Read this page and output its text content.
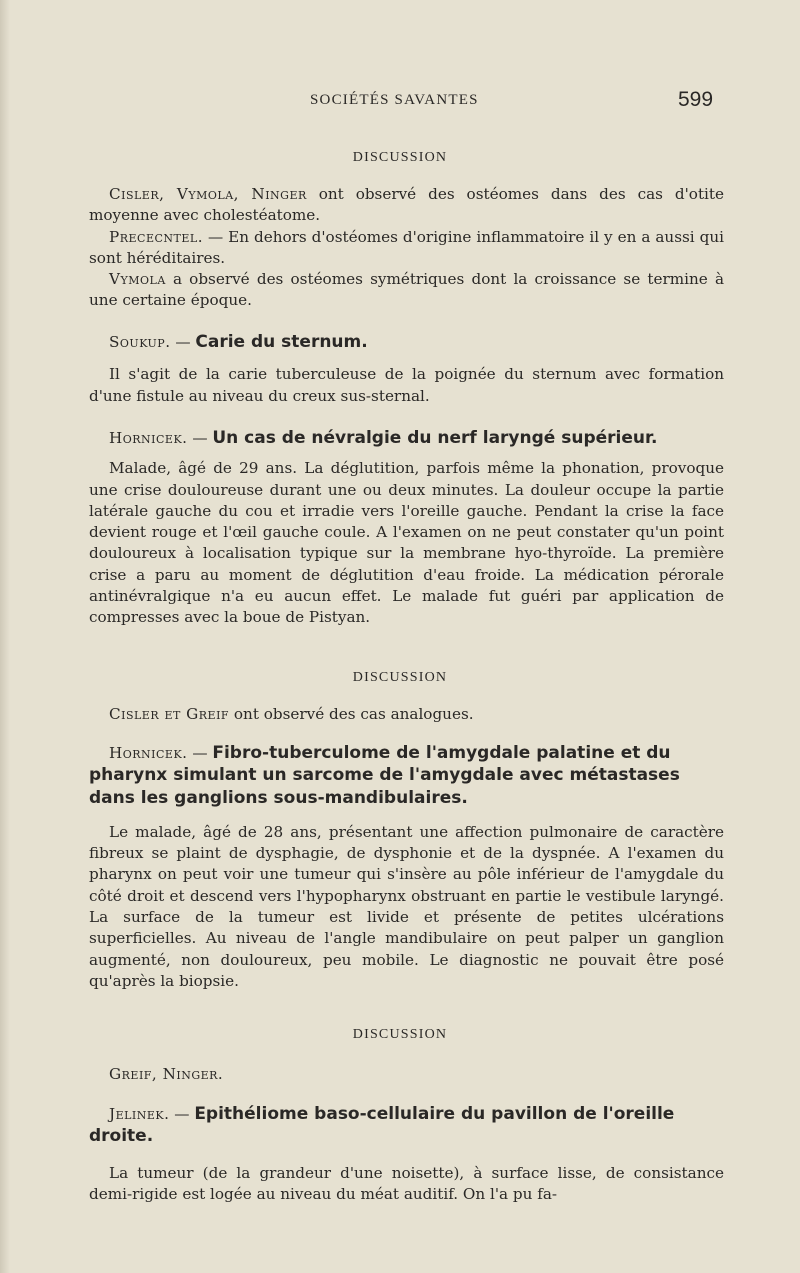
SOCIÉTÉS SAVANTES	599
DISCUSSION

Cisler, Vymola, Ninger ont observé des ostéomes dans des cas d'otite moyenne avec cholestéatome.

Prececntel. — En dehors d'ostéomes d'origine inflammatoire il y en a aussi qui sont héréditaires.

Vymola a observé des ostéomes symétriques dont la croissance se termine à une certaine époque.

Soukup. — Carie du sternum.

Il s'agit de la carie tuberculeuse de la poignée du sternum avec formation d'une fistule au niveau du creux sus-sternal.

Hornicek. — Un cas de névralgie du nerf laryngé supérieur.

Malade, âgé de 29 ans. La déglutition, parfois même la phonation, provoque une crise douloureuse durant une ou deux minutes. La douleur occupe la partie latérale gauche du cou et irradie vers l'oreille gauche. Pendant la crise la face devient rouge et l'œil gauche coule. A l'examen on ne peut constater qu'un point douloureux à localisation typique sur la membrane hyo-thyroïde. La première crise a paru au moment de déglutition d'eau froide. La médication pérorale antinévralgique n'a eu aucun effet. Le malade fut guéri par application de compresses avec la boue de Pistyan.

DISCUSSION

Cisler et Greif ont observé des cas analogues.

Hornicek. — Fibro-tuberculome de l'amygdale palatine et du pharynx simulant un sarcome de l'amygdale avec métastases dans les ganglions sous-mandibulaires.

Le malade, âgé de 28 ans, présentant une affection pulmonaire de caractère fibreux se plaint de dysphagie, de dysphonie et de la dyspnée. A l'examen du pharynx on peut voir une tumeur qui s'insère au pôle inférieur de l'amygdale du côté droit et descend vers l'hypopharynx obstruant en partie le vestibule laryngé. La surface de la tumeur est livide et présente de petites ulcérations superficielles. Au niveau de l'angle mandibulaire on peut palper un ganglion augmenté, non douloureux, peu mobile. Le diagnostic ne pouvait être posé qu'après la biopsie.

DISCUSSION

Greif, Ninger.

Jelinek. — Epithéliome baso-cellulaire du pavillon de l'oreille droite.

La tumeur (de la grandeur d'une noisette), à surface lisse, de consistance demi-rigide est logée au niveau du méat auditif. On l'a pu fa-
